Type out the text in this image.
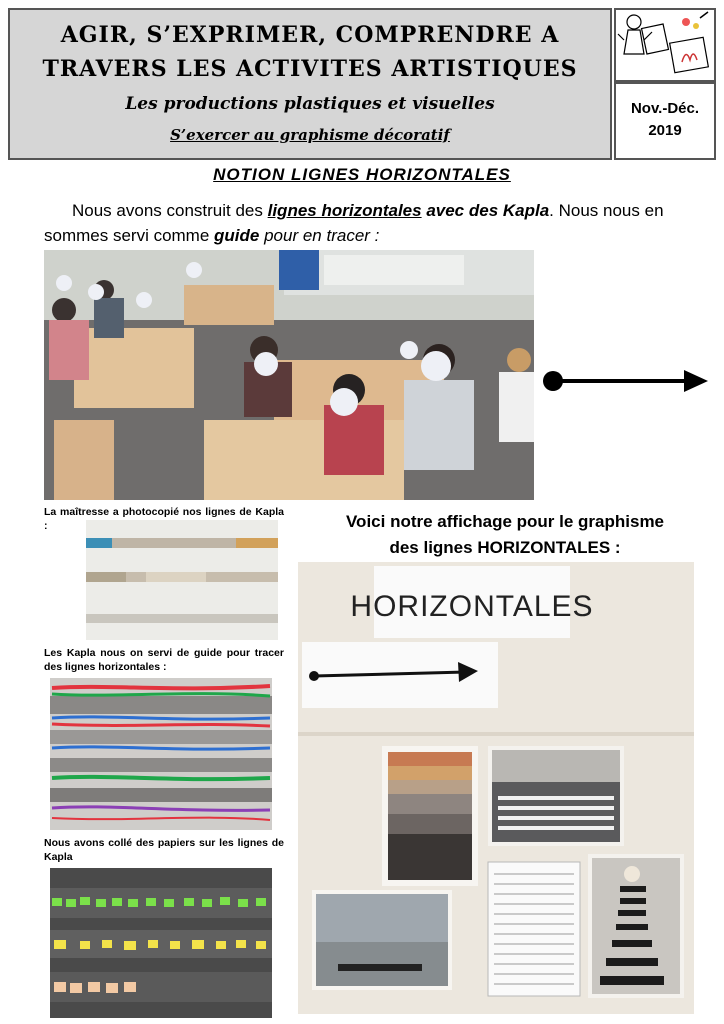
AGIR, S’EXPRIMER, COMPRENDRE A
TRAVERS LES ACTIVITES ARTISTIQUES
Les productions plastiques et visuelles
S’exercer au graphisme décoratif
Nov.-Déc.
2019
NOTION LIGNES HORIZONTALES
Nous avons construit des lignes horizontales avec des Kapla. Nous nous en sommes servi comme guide pour en tracer :
La maîtresse a photocopié nos lignes de Kapla :
Les Kapla nous on servi de guide pour tracer des lignes horizontales :
Nous avons collé des papiers sur les lignes de Kapla
Voici notre affichage pour le graphisme
des lignes HORIZONTALES :
HORIZONTALES
